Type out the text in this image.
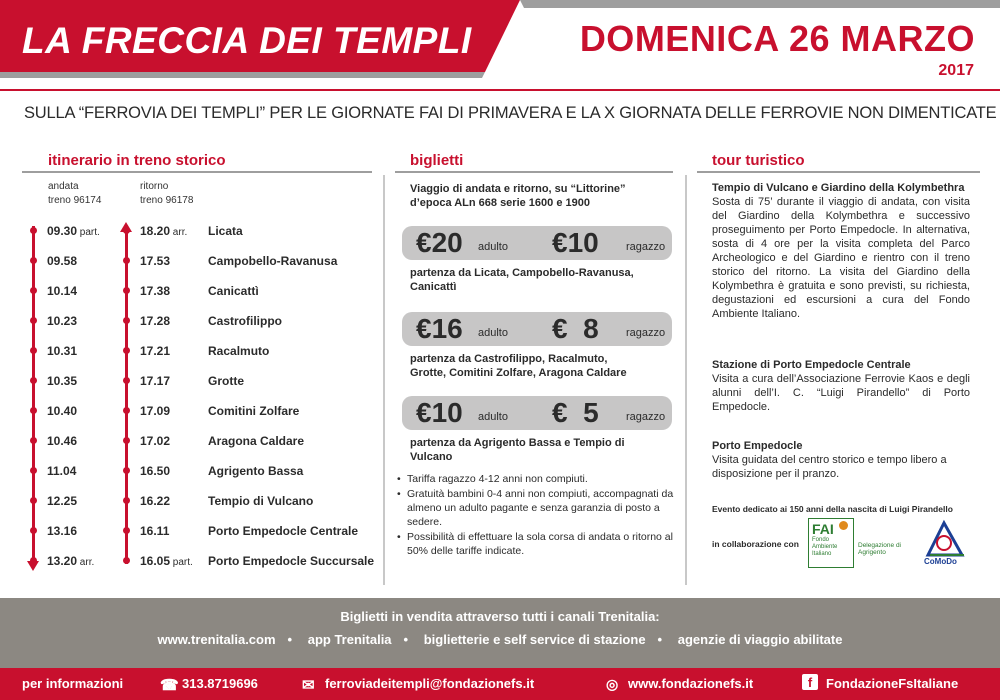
LA FRECCIA DEI TEMPLI	DOMENICA 26 MARZO
2017
SULLA “FERROVIA DEI TEMPLI” PER LE GIORNATE FAI DI PRIMAVERA E LA X GIORNATA DELLE FERROVIE NON DIMENTICATE
itinerario in treno storico
andata
treno 96174
ritorno
treno 96178
09.30 part.	18.20 arr. Licata
09.58	17.53	Campobello-Ravanusa
10.14	17.38	Canicattì
10.23	17.28	Castrofilippo
10.31	17.21	Racalmuto
10.35	17.17	Grotte
10.40	17.09	Comitini Zolfare
10.46	17.02	Aragona Caldare
11.04	16.50	Agrigento Bassa
12.25	16.22	Tempio di Vulcano
13.16	16.11	Porto Empedocle Centrale
13.20 arr.	16.05 part. Porto Empedocle Succursale
biglietti
Viaggio di andata e ritorno, su “Littorine”
d’epoca ALn 668 serie 1600 e 1900
€20 adulto €10 ragazzo
partenza da Licata, Campobello-Ravanusa,
Canicattì
€16 adulto €  8 ragazzo
partenza da Castrofilippo, Racalmuto,
Grotte, Comitini Zolfare, Aragona Caldare
€10 adulto €  5 ragazzo
partenza da Agrigento Bassa e Tempio di
Vulcano
• Tariffa ragazzo 4-12 anni non compiuti.
• Gratuità bambini 0-4 anni non compiuti, accompagnati da almeno un adulto pagante e senza garanzia di posto a sedere.
• Possibilità di effettuare la sola corsa di andata o ritorno al 50% delle tariffe indicate.
tour turistico
Tempio di Vulcano e Giardino della Kolymbethra
Sosta di 75’ durante il viaggio di andata, con visita del Giardino della Kolymbethra e successivo proseguimento per Porto Empedocle. In alternativa, sosta di 4 ore per la visita completa del Parco Archeologico e del Giardino e rientro con il treno storico del ritorno. La visita del Giardino della Kolymbethra è gratuita e sono previsti, su richiesta, degustazioni ed escursioni a cura del Fondo Ambiente Italiano.
Stazione di Porto Empedocle Centrale
Visita a cura dell’Associazione Ferrovie Kaos e degli alunni dell’I. C. “Luigi Pirandello” di Porto Empedocle.
Porto Empedocle
Visita guidata del centro storico e tempo libero a disposizione per il pranzo.
Evento dedicato ai 150 anni della nascita di Luigi Pirandello
in collaborazione con
FAI
Fondo Ambiente Italiano
Delegazione di Agrigento
CoMoDo
Biglietti in vendita attraverso tutti i canali Trenitalia:
www.trenitalia.com • app Trenitalia • biglietterie e self service di stazione • agenzie di viaggio abilitate
per informazioni ☎ 313.8719696	✉ ferroviadeitempli@fondazionefs.it	◎ www.fondazionefs.it	f	FondazioneFsItaliane
